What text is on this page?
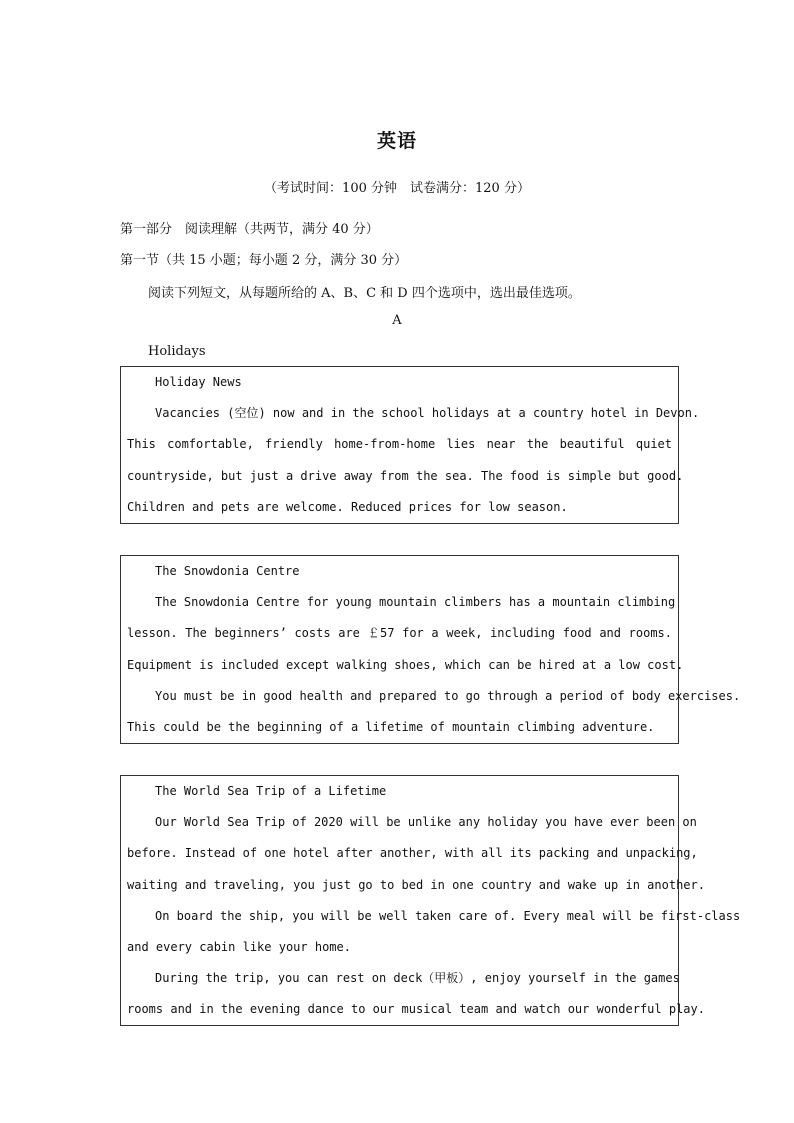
英语
（考试时间：100 分钟　试卷满分：120 分）
第一部分　阅读理解（共两节，满分 40 分）
第一节（共 15 小题；每小题 2 分，满分 30 分）
阅读下列短文，从每题所给的 A、B、C 和 D 四个选项中，选出最佳选项。
A
Holidays
Holiday News
Vacancies (空位) now and in the school holidays at a country hotel in Devon.
This comfortable, friendly home-from-home lies near the beautiful quiet
countryside, but just a drive away from the sea. The food is simple but good.
Children and pets are welcome. Reduced prices for low season.
The Snowdonia Centre
The Snowdonia Centre for young mountain climbers has a mountain climbing
lesson. The beginners’ costs are ￡57 for a week, including food and rooms.
Equipment is included except walking shoes, which can be hired at a low cost.
You must be in good health and prepared to go through a period of body exercises.
This could be the beginning of a lifetime of mountain climbing adventure.
The World Sea Trip of a Lifetime
Our World Sea Trip of 2020 will be unlike any holiday you have ever been on
before. Instead of one hotel after another, with all its packing and unpacking,
waiting and traveling, you just go to bed in one country and wake up in another.
On board the ship, you will be well taken care of. Every meal will be first-class
and every cabin like your home.
During the trip, you can rest on deck（甲板）, enjoy yourself in the games
rooms and in the evening dance to our musical team and watch our wonderful play.
